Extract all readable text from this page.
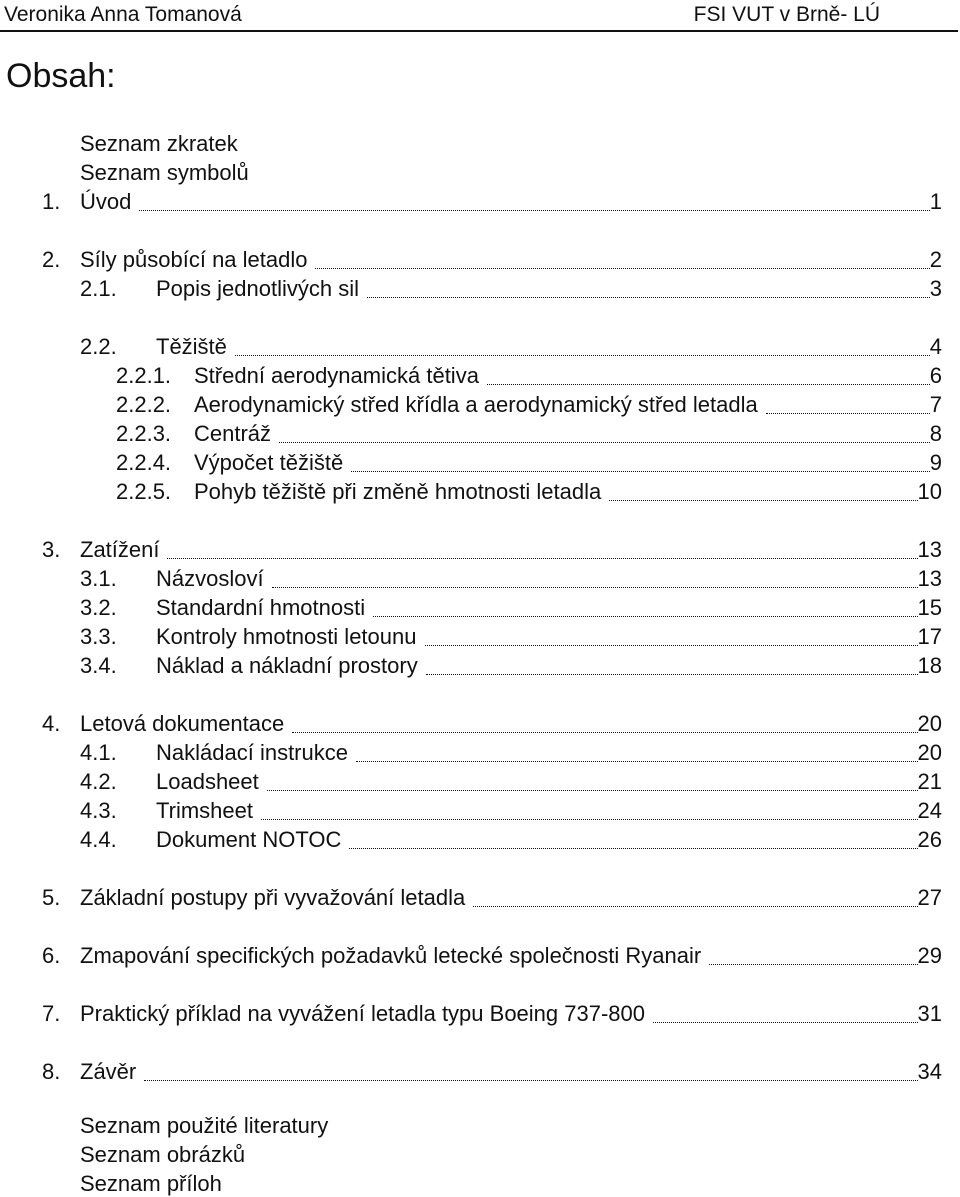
Veronika Anna Tomanová	FSI VUT v Brně- LÚ
Obsah:
Seznam zkratek
Seznam symbolů
1. Úvod	1
2. Síly působící na letadlo	2
2.1. Popis jednotlivých sil	3
2.2. Těžiště	4
2.2.1. Střední aerodynamická tětiva	6
2.2.2. Aerodynamický střed křídla a aerodynamický střed letadla	7
2.2.3. Centráž	8
2.2.4. Výpočet těžiště	9
2.2.5. Pohyb těžiště při změně hmotnosti letadla	10
3. Zatížení	13
3.1. Názvosloví	13
3.2. Standardní hmotnosti	15
3.3. Kontroly hmotnosti letounu	17
3.4. Náklad a nákladní prostory	18
4. Letová dokumentace	20
4.1. Nakládací instrukce	20
4.2. Loadsheet	21
4.3. Trimsheet	24
4.4. Dokument NOTOC	26
5. Základní postupy při vyvažování letadla	27
6. Zmapování specifických požadavků letecké společnosti Ryanair	29
7. Praktický příklad na vyvážení letadla typu Boeing 737-800	31
8. Závěr	34
Seznam použité literatury
Seznam obrázků
Seznam příloh
